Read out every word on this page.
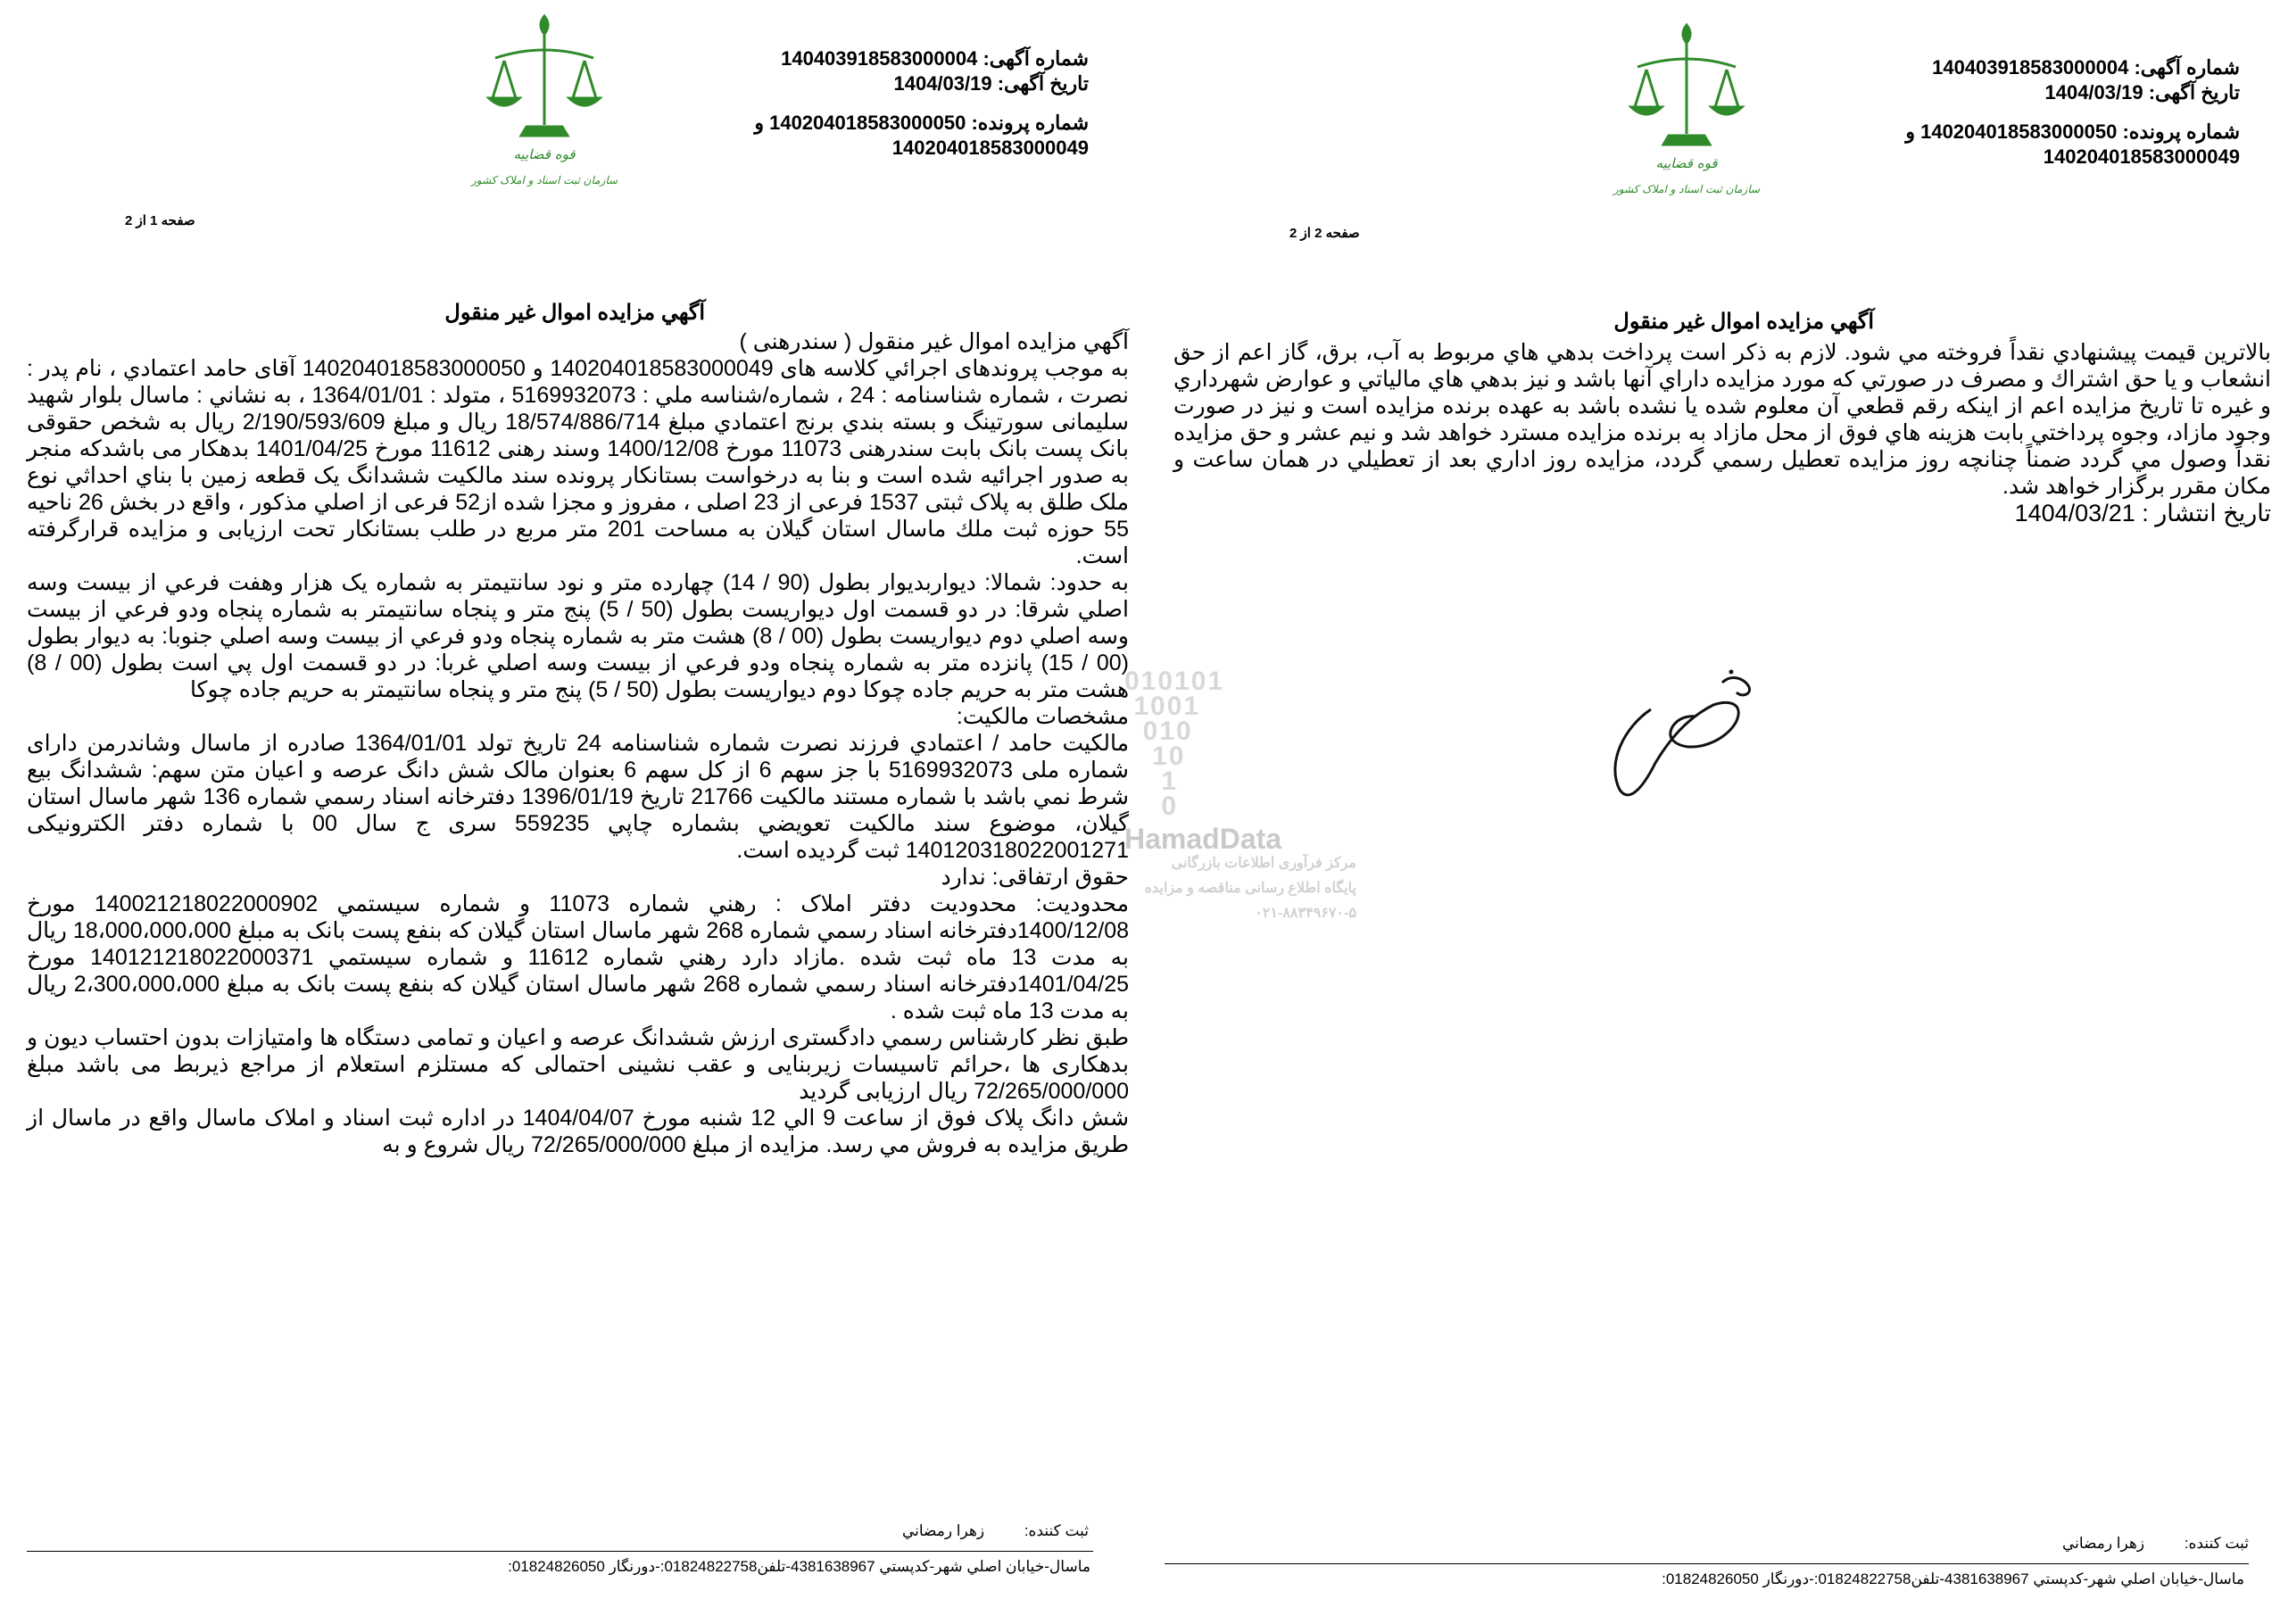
قوه قضاییه
سازمان ثبت اسناد و املاک کشور
شماره آگهی: 140403918583000004
تاریخ آگهی: 1404/03/19
شماره پرونده: 14020401858300005‌0 و
140204018583000049
صفحه 1 از 2
آگهي مزايده اموال غير منقول

آگهي مزايده اموال غير منقول ( سندرهنی )

به موجب پروندهای اجرائي كلاسه های 140204018583000049 و 140204018583000050 آقای حامد اعتمادي ، نام پدر : نصرت ، شماره شناسنامه : 24 ، شماره/شناسه ملي : 5169932073 ، متولد : 1364/01/01 ، به نشاني : ماسال بلوار شهید سلیمانی سورتینگ و بسته بندي برنج اعتمادي مبلغ 18/574/886/714 ريال و مبلغ 2/190/593/609 ريال به شخص حقوقی بانک پست بانک بابت سندرهنی 11073 مورخ 1400/12/08 وسند رهنی 11612 مورخ 1401/04/25 بدهكار می باشدكه منجر به صدور اجرائيه شده است و بنا به درخواست بستانكار پرونده سند مالكيت ششدانگ يک قطعه زمين با بناي احداثي نوع ملک طلق به پلاک ثبتی 1537 فرعی از 23 اصلی ، مفروز و مجزا شده از52 فرعی از اصلي مذكور ، واقع در بخش 26 ناحيه 55 حوزه ثبت ملك ماسال استان گيلان به مساحت 201 متر مربع در طلب بستانكار تحت ارزيابی و مزايده قرارگرفته است.

به حدود: شمالا: ديواربديوار بطول (90 / 14) چهارده متر و نود سانتيمتر به شماره يک هزار وهفت فرعي از بيست وسه اصلي شرقا: در دو قسمت اول ديواريست بطول (50 / 5) پنج متر و پنجاه سانتيمتر به شماره پنجاه ودو فرعي از بيست وسه اصلي دوم ديواريست بطول (00 / 8) هشت متر به شماره پنجاه ودو فرعي از بيست وسه اصلي جنوبا: به ديوار بطول (00 / 15) پانزده متر به شماره پنجاه ودو فرعي از بيست وسه اصلي غربا: در دو قسمت اول پي است بطول (00 / 8) هشت متر به حريم جاده چوكا دوم ديواريست بطول (50 / 5) پنج متر و پنجاه سانتيمتر به حريم جاده چوكا

مشخصات مالكيت:

مالكيت حامد / اعتمادي فرزند نصرت شماره شناسنامه 24 تاريخ تولد 1364/01/01 صادره از ماسال وشاندرمن دارای شماره ملی 5169932073 با جز سهم 6 از كل سهم 6 بعنوان مالک شش دانگ عرصه و اعيان متن سهم: ششدانگ بيع شرط نمي باشد با شماره مستند مالكيت 21766 تاريخ 1396/01/19 دفترخانه اسناد رسمي شماره 136 شهر ماسال استان گيلان، موضوع سند مالكيت تعويضي بشماره چاپي 559235 سری ج سال 00 با شماره دفتر الکترونيكی 140120318022001271 ثبت گرديده است.

حقوق ارتفاقی: ندارد

محدوديت: محدوديت دفتر املاک : رهني شماره 11073 و شماره سيستمي 140021218022000902 مورخ 1400/12/08دفترخانه اسناد رسمي شماره 268 شهر ماسال استان گيلان كه بنفع پست بانک به مبلغ 18،000،000،000 ريال به مدت 13 ماه ثبت شده .مازاد دارد رهني شماره 11612 و شماره سيستمي 140121218022000371 مورخ 1401/04/25دفترخانه اسناد رسمي شماره 268 شهر ماسال استان گيلان كه بنفع پست بانک به مبلغ 2،300،000،000 ريال به مدت 13 ماه ثبت شده .

طبق نظر كارشناس رسمي دادگستری ارزش ششدانگ عرصه و اعيان و تمامی دستگاه ها وامتيازات بدون احتساب ديون و بدهكاری ها ،حرائم تاسيسات زيربنايی و عقب نشينی احتمالی كه مستلزم استعلام از مراجع ذيربط می باشد مبلغ 72/265/000/000 ريال ارزيابی گرديد

شش دانگ پلاک فوق از ساعت 9 الي 12 شنبه مورخ 1404/04/07 در اداره ثبت اسناد و املاک ماسال واقع در ماسال از طريق مزايده به فروش مي رسد. مزايده از مبلغ 72/265/000/000 ريال شروع و به

ثبت كننده: زهرا رمضاني
ماسال-خيابان اصلي شهر-كدپستي 4381638967-تلفن01824822758:-دورنگار 01824826050:
010101
1001
010
10
1
0
HamadData
مرکز فرآوری اطلاعات بازرگانی
پایگاه اطلاع رسانی مناقصه و مزایده
۰۲۱-۸۸۳۴۹۶۷۰-۵
قوه قضاییه
سازمان ثبت اسناد و املاک کشور
شماره آگهی: 140403918583000004
تاریخ آگهی: 1404/03/19
شماره پرونده: 14020401858300005‌0 و
140204018583000049
صفحه 2 از 2
آگهي مزايده اموال غير منقول

بالاترين قيمت پيشنهادي نقداً فروخته مي شود. لازم به ذكر است پرداخت بدهي هاي مربوط به آب، برق، گاز اعم از حق انشعاب و يا حق اشتراك و مصرف در صورتي كه مورد مزايده داراي آنها باشد و نيز بدهي هاي مالياتي و عوارض شهرداري و غيره تا تاريخ مزايده اعم از اينكه رقم قطعي آن معلوم شده يا نشده باشد به عهده برنده مزايده است و نيز در صورت وجود مازاد، وجوه پرداختي بابت هزينه هاي فوق از محل مازاد به برنده مزايده مسترد خواهد شد و نيم عشر و حق مزايده نقداً وصول مي گردد ضمناً چنانچه روز مزايده تعطيل رسمي گردد، مزايده روز اداري بعد از تعطيلي در همان ساعت و مكان مقرر برگزار خواهد شد.

تاريخ انتشار : 1404/03/21

ثبت كننده: زهرا رمضاني
ماسال-خيابان اصلي شهر-كدپستي 4381638967-تلفن01824822758:-دورنگار 01824826050:
